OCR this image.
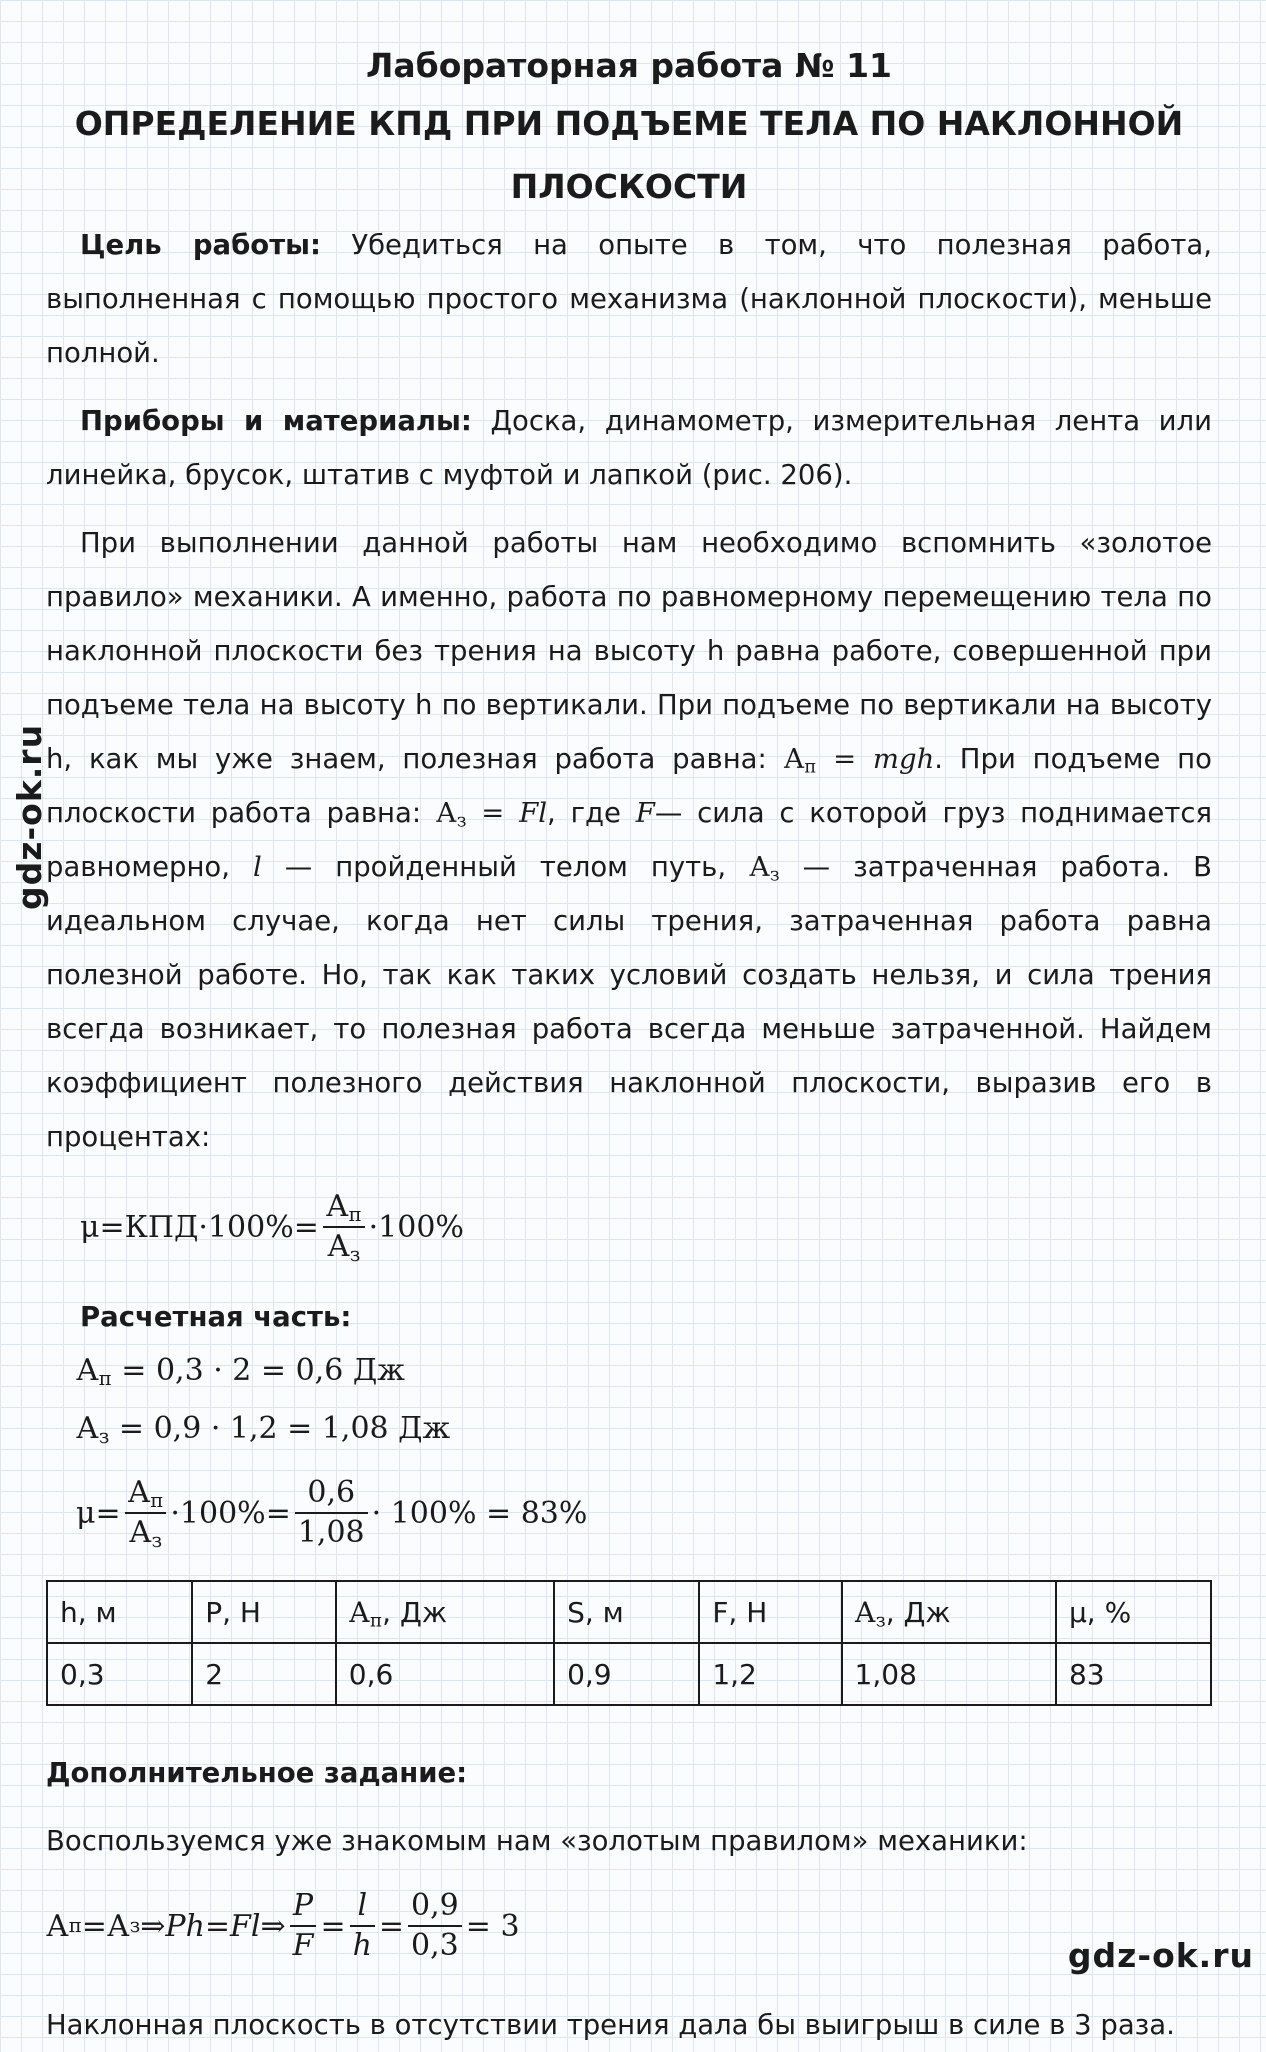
gdz-ok.ru
Лабораторная работа № 11
ОПРЕДЕЛЕНИЕ КПД ПРИ ПОДЪЕМЕ ТЕЛА ПО НАКЛОННОЙ ПЛОСКОСТИ

Цель работы: Убедиться на опыте в том, что полезная работа, выполненная с помощью простого механизма (наклонной плоскости), меньше полной.

Приборы и материалы: Доска, динамометр, измерительная лента или линейка, брусок, штатив с муфтой и лапкой (рис. 206).

При выполнении данной работы нам необходимо вспомнить «золотое правило» механики. А именно, работа по равномерному перемещению тела по наклонной плоскости без трения на высоту h равна работе, совершенной при подъеме тела на высоту h по вертикали. При подъеме по вертикали на высоту h, как мы уже знаем, полезная работа равна: $А_п$ = mgh. При подъеме по плоскости работа равна: $А_з = Fl$, где F— сила с которой груз поднимается равномерно, l — пройденный телом путь, $А_з$ — затраченная работа. В идеальном случае, когда нет силы трения, затраченная работа равна полезной работе. Но, так как таких условий создать нельзя, и сила трения всегда возникает, то полезная работа всегда меньше затраченной. Найдем коэффициент полезного действия наклонной плоскости, выразив его в процентах:

μ = КПД · $100\% = \frac{А_п}{А_з} \cdot 100\%$
Расчетная часть:
$А_п = 0,3 \cdot 2 = 0,6$ Дж
$А_з = 0,9 \cdot 1,2 = 1,08$ Дж
$\mu = \frac{А_п}{А_з} \cdot 100\% = \frac{0,6}{1,08} \cdot 100\% = 83\%$
h, м	P, Н	$А_п$, Дж	S, м	F, Н	$А_з$, Дж	μ, %
0,3	2	0,6	0,9	1,2	1,08	83
Дополнительное задание:
Воспользуемся уже знакомым нам «золотым правилом» механики:
А п = А з ⇒ Ph = Fl ⇒ $\frac{P}{F} = \frac{l}{h} = \frac{0,9}{0,3} = 3$
Наклонная плоскость в отсутствии трения дала бы выигрыш в силе в 3 раза.
gdz-ok.ru
